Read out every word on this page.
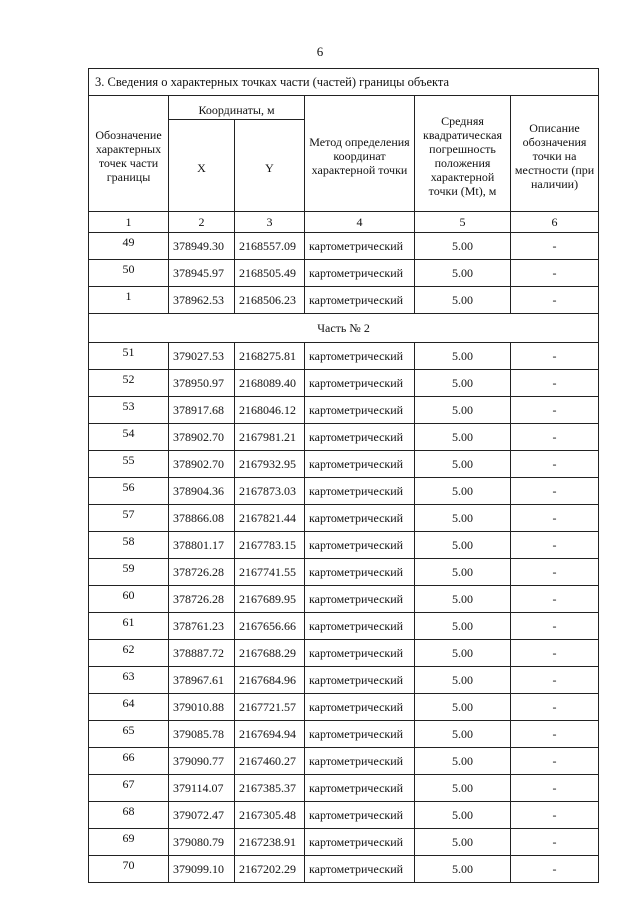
6
3. Сведения о характерных точках части (частей) границы объекта					
Обозначение характерных точек части границы	Координаты, м		Метод определения координат характерной точки	Средняя квадратическая погрешность положения характерной точки (Mt), м	Описание обозначения точки на местности (при наличии)
	X	Y			
1	2	3	4	5	6
49	378949.30	2168557.09	картометрический	5.00	-
50	378945.97	2168505.49	картометрический	5.00	-
1	378962.53	2168506.23	картометрический	5.00	-
Часть № 2					
51	379027.53	2168275.81	картометрический	5.00	-
52	378950.97	2168089.40	картометрический	5.00	-
53	378917.68	2168046.12	картометрический	5.00	-
54	378902.70	2167981.21	картометрический	5.00	-
55	378902.70	2167932.95	картометрический	5.00	-
56	378904.36	2167873.03	картометрический	5.00	-
57	378866.08	2167821.44	картометрический	5.00	-
58	378801.17	2167783.15	картометрический	5.00	-
59	378726.28	2167741.55	картометрический	5.00	-
60	378726.28	2167689.95	картометрический	5.00	-
61	378761.23	2167656.66	картометрический	5.00	-
62	378887.72	2167688.29	картометрический	5.00	-
63	378967.61	2167684.96	картометрический	5.00	-
64	379010.88	2167721.57	картометрический	5.00	-
65	379085.78	2167694.94	картометрический	5.00	-
66	379090.77	2167460.27	картометрический	5.00	-
67	379114.07	2167385.37	картометрический	5.00	-
68	379072.47	2167305.48	картометрический	5.00	-
69	379080.79	2167238.91	картометрический	5.00	-
70	379099.10	2167202.29	картометрический	5.00	-
